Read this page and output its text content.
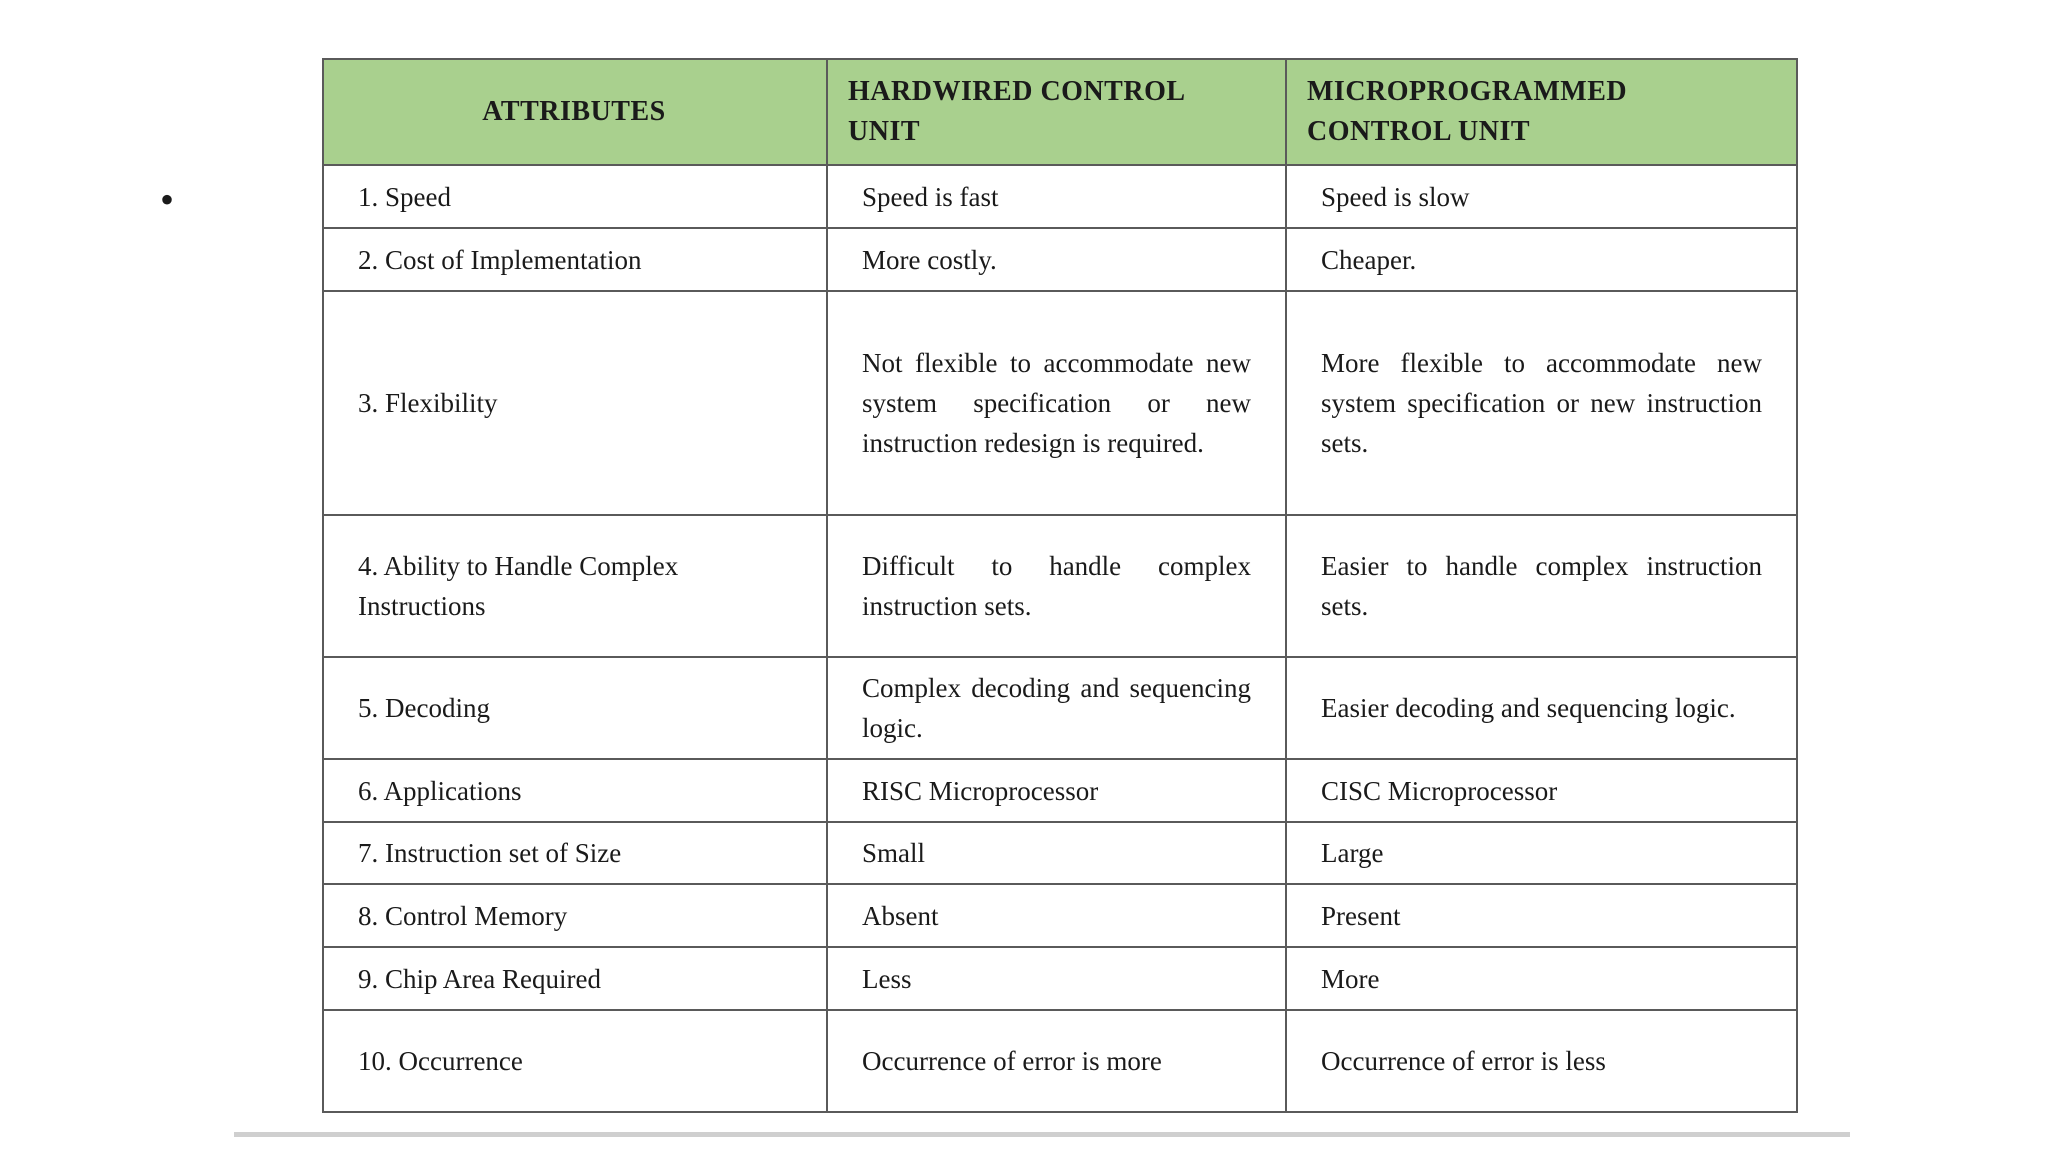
•
ATTRIBUTES	HARDWIRED CONTROL UNIT	MICROPROGRAMMED CONTROL UNIT
1. Speed	Speed is fast	Speed is slow
2. Cost of Implementation	More costly.	Cheaper.
3. Flexibility	Not flexible to accommodate new system specification or new instruction redesign is required.	More flexible to accommodate new system specification or new instruction sets.
4. Ability to Handle Complex Instructions	Difficult to handle complex instruction sets.	Easier to handle complex instruction sets.
5. Decoding	Complex decoding and sequencing logic.	Easier decoding and sequencing logic.
6. Applications	RISC Microprocessor	CISC Microprocessor
7. Instruction set of Size	Small	Large
8. Control Memory	Absent	Present
9. Chip Area Required	Less	More
10. Occurrence	Occurrence of error is more	Occurrence of error is less
